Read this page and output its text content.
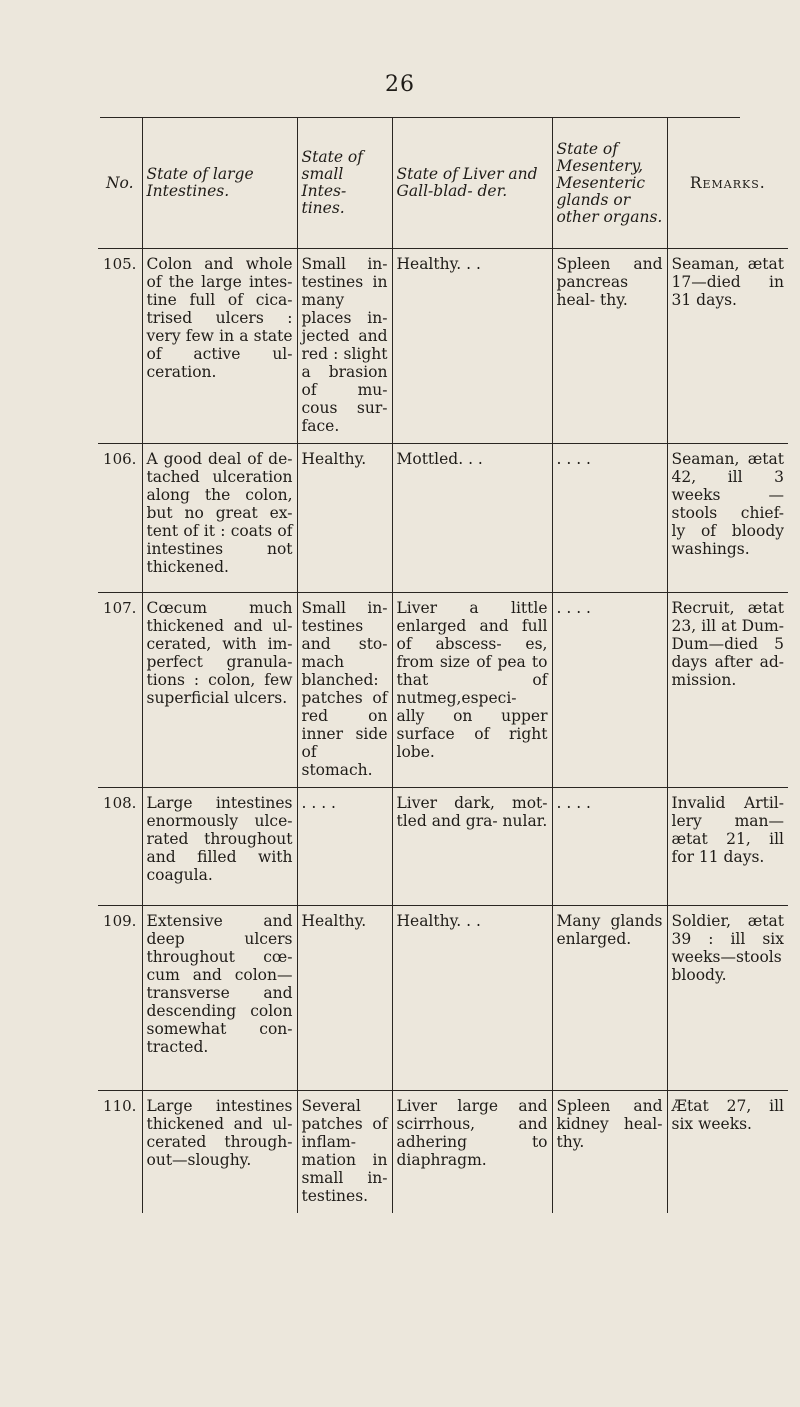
26
No.	State of large Intestines.	State of small Intes- tines.	State of Liver and Gall-blad- der.	State of Mesentery, Mesenteric glands or other organs.	Remarks.
105.	Colon and whole of the large intes- tine full of cica- trised ulcers : very few in a state of active ul- ceration.	Small in- testines in many places in- jected and red : slight a brasion of mu- cous sur- face.	Healthy. . .	Spleen and pancreas heal- thy.	Seaman, ætat 17—died in 31 days.
106.	A good deal of de- tached ulceration along the colon, but no great ex- tent of it : coats of intestines not thickened.	Healthy.	Mottled. . .	. . . .	Seaman, ætat 42, ill 3 weeks —stools chief- ly of bloody washings.
107.	Cœcum much thickened and ul- cerated, with im- perfect granula- tions : colon, few superficial ulcers.	Small in- testines and sto- mach blanched: patches of red on inner side of stomach.	Liver a little enlarged and full of abscess- es, from size of pea to that of nutmeg,especi- ally on upper surface of right lobe.	. . . .	Recruit, ætat 23, ill at Dum- Dum—died 5 days after ad- mission.
108.	Large intestines enormously ulce- rated throughout and filled with coagula.	. . . .	Liver dark, mot- tled and gra- nular.	. . . .	Invalid Artil- lery man— ætat 21, ill for 11 days.
109.	Extensive and deep ulcers throughout cœ- cum and colon— transverse and descending colon somewhat con- tracted.	Healthy.	Healthy. . .	Many glands enlarged.	Soldier, ætat 39 : ill six weeks—stools bloody.
110.	Large intestines thickened and ul- cerated through- out—sloughy.	Several patches of inflam- mation in small in- testines.	Liver large and scirrhous, and adhering to diaphragm.	Spleen and kidney heal- thy.	Ætat 27, ill six weeks.
